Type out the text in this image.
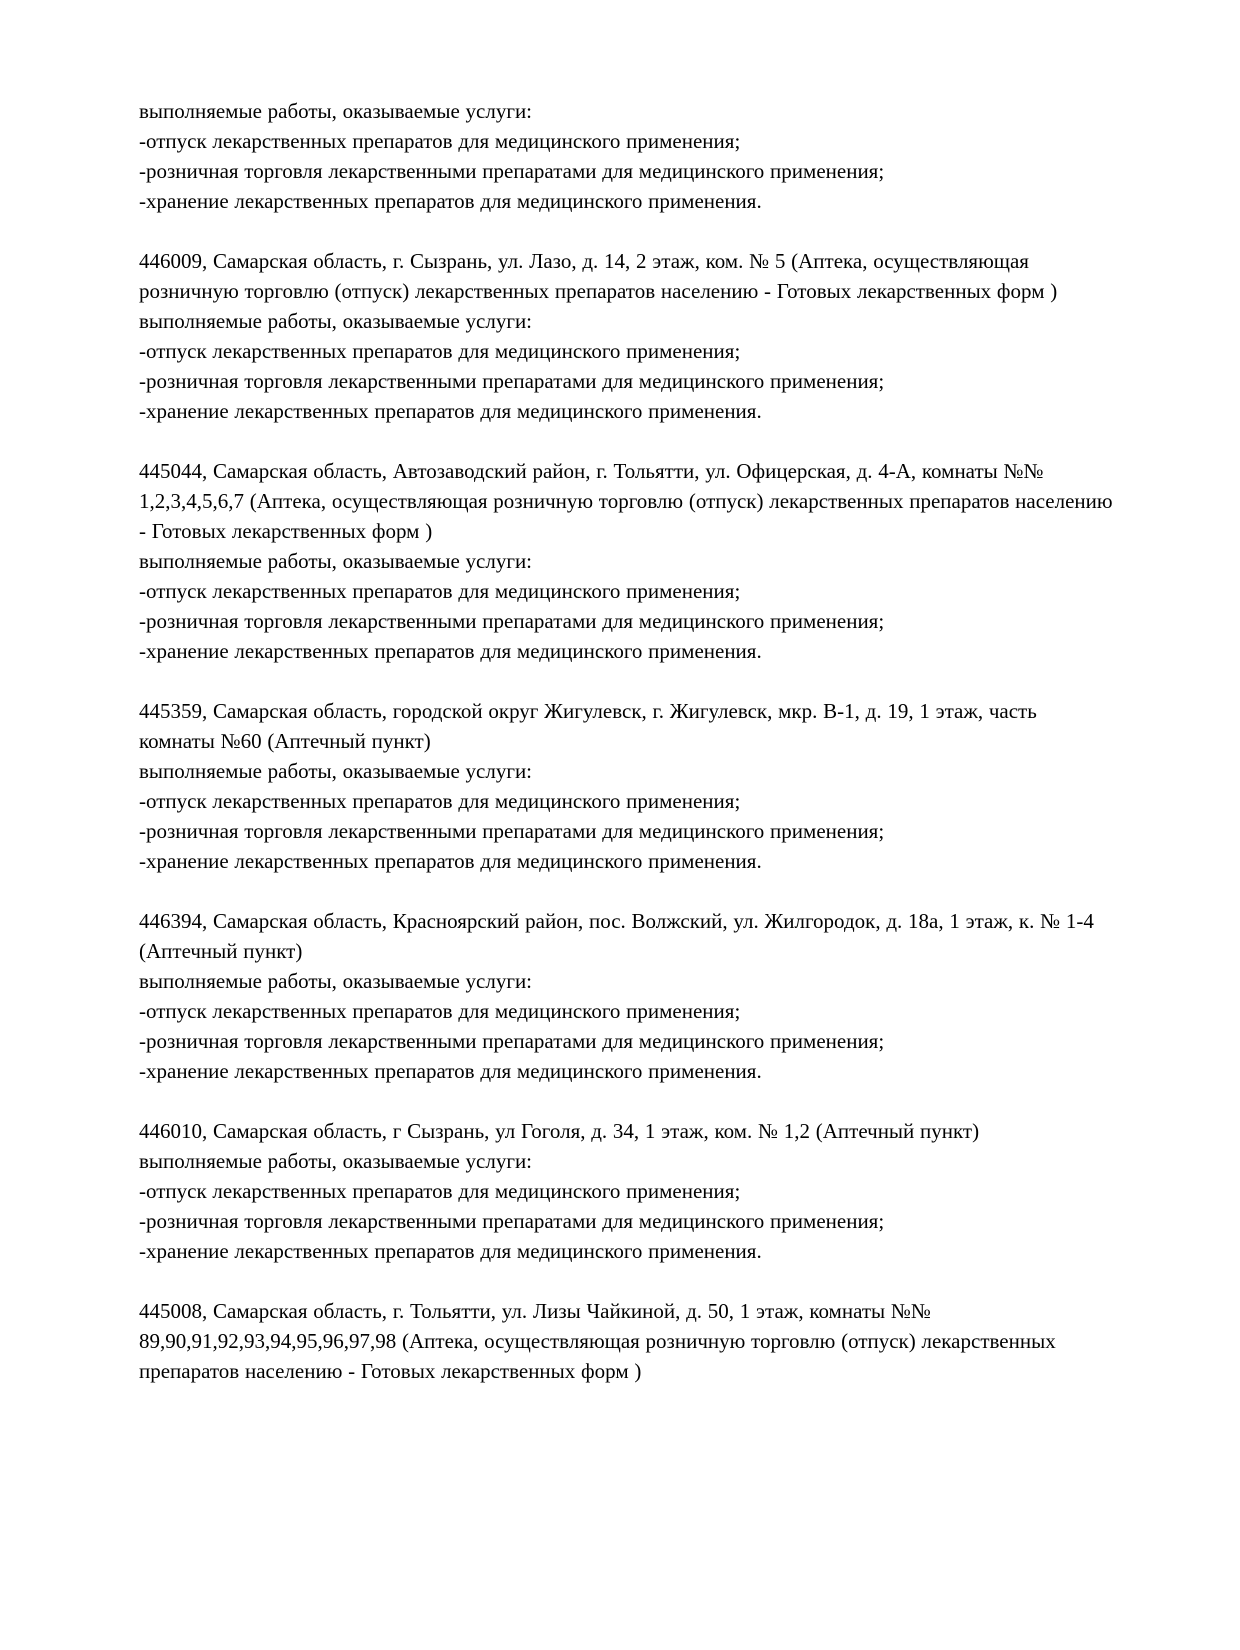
выполняемые работы, оказываемые услуги:

-отпуск лекарственных препаратов для медицинского применения;

-розничная торговля лекарственными препаратами для медицинского применения;

-хранение лекарственных препаратов для медицинского применения.

446009, Самарская область, г. Сызрань, ул. Лазо, д. 14, 2 этаж, ком. № 5 (Аптека, осуществляющая розничную торговлю (отпуск) лекарственных препаратов населению - Готовых лекарственных форм )

выполняемые работы, оказываемые услуги:

-отпуск лекарственных препаратов для медицинского применения;

-розничная торговля лекарственными препаратами для медицинского применения;

-хранение лекарственных препаратов для медицинского применения.

445044, Самарская область, Автозаводский район, г. Тольятти, ул. Офицерская, д. 4-А, комнаты №№ 1,2,3,4,5,6,7 (Аптека, осуществляющая розничную торговлю (отпуск) лекарственных препаратов населению - Готовых лекарственных форм )

выполняемые работы, оказываемые услуги:

-отпуск лекарственных препаратов для медицинского применения;

-розничная торговля лекарственными препаратами для медицинского применения;

-хранение лекарственных препаратов для медицинского применения.

445359, Самарская область, городской округ Жигулевск, г. Жигулевск, мкр. В-1, д. 19, 1 этаж, часть комнаты №60 (Аптечный пункт)

выполняемые работы, оказываемые услуги:

-отпуск лекарственных препаратов для медицинского применения;

-розничная торговля лекарственными препаратами для медицинского применения;

-хранение лекарственных препаратов для медицинского применения.

446394, Самарская область, Красноярский район, пос. Волжский, ул. Жилгородок, д. 18а, 1 этаж, к. № 1-4 (Аптечный пункт)

выполняемые работы, оказываемые услуги:

-отпуск лекарственных препаратов для медицинского применения;

-розничная торговля лекарственными препаратами для медицинского применения;

-хранение лекарственных препаратов для медицинского применения.

446010, Самарская область, г Сызрань, ул Гоголя, д. 34, 1 этаж, ком. № 1,2 (Аптечный пункт)

выполняемые работы, оказываемые услуги:

-отпуск лекарственных препаратов для медицинского применения;

-розничная торговля лекарственными препаратами для медицинского применения;

-хранение лекарственных препаратов для медицинского применения.

445008, Самарская область, г. Тольятти, ул. Лизы Чайкиной, д. 50, 1 этаж, комнаты №№ 89,90,91,92,93,94,95,96,97,98 (Аптека, осуществляющая розничную торговлю (отпуск) лекарственных препаратов населению - Готовых лекарственных форм )
